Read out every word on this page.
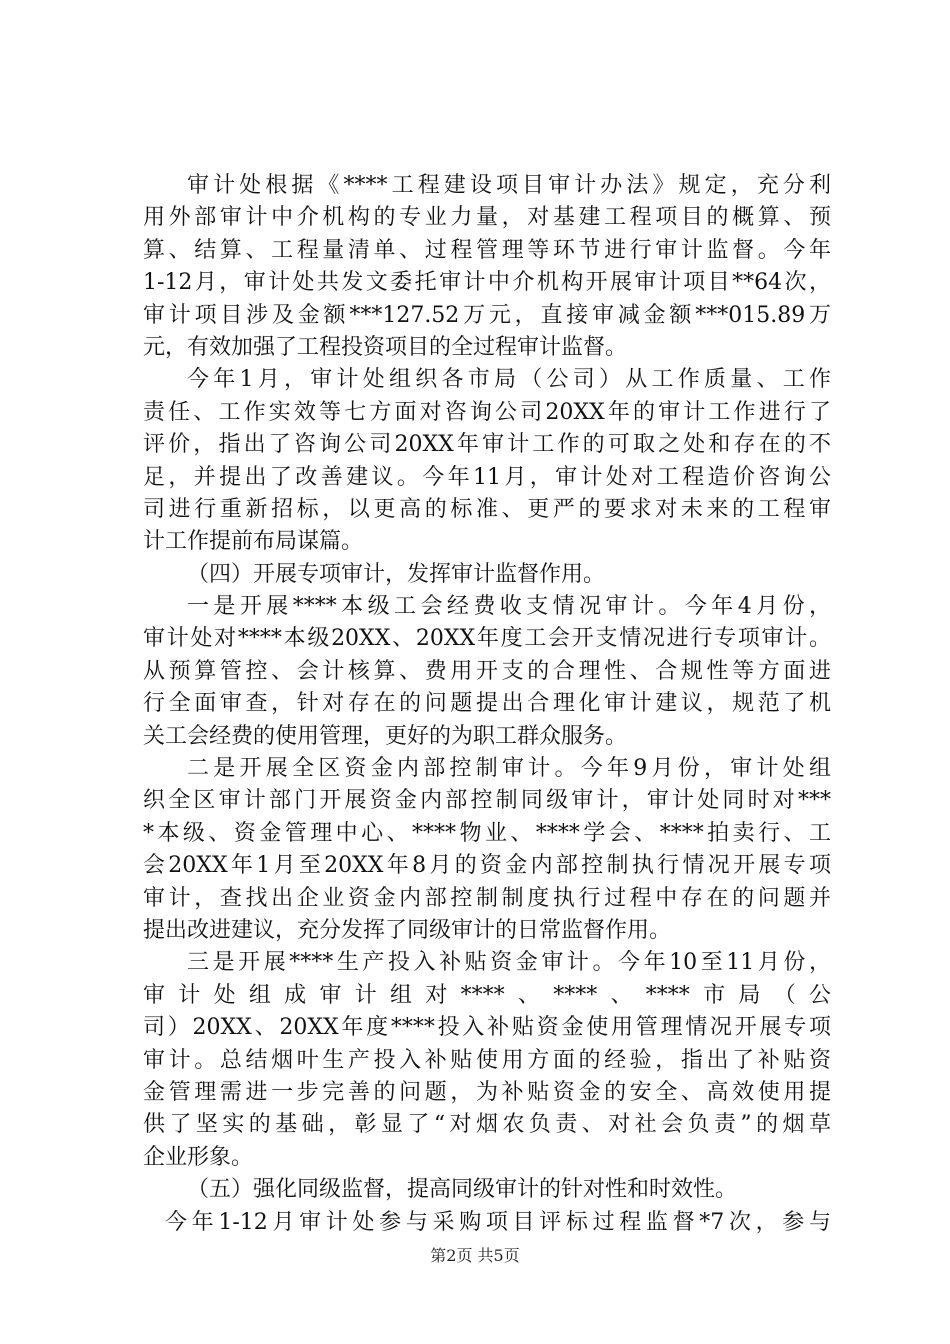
审计处根据《****工程建设项目审计办法》规定，充分利
用外部审计中介机构的专业力量，对基建工程项目的概算、预
算、结算、工程量清单、过程管理等环节进行审计监督。今年
1-12月，审计处共发文委托审计中介机构开展审计项目**64次，
审计项目涉及金额***127.52万元，直接审减金额***015.89万
元，有效加强了工程投资项目的全过程审计监督。
今年1月，审计处组织各市局（公司）从工作质量、工作
责任、工作实效等七方面对咨询公司20XX年的审计工作进行了
评价，指出了咨询公司20XX年审计工作的可取之处和存在的不
足，并提出了改善建议。今年11月，审计处对工程造价咨询公
司进行重新招标，以更高的标准、更严的要求对未来的工程审
计工作提前布局谋篇。
（四）开展专项审计，发挥审计监督作用。
一是开展****本级工会经费收支情况审计。今年4月份，
审计处对****本级20XX、20XX年度工会开支情况进行专项审计。
从预算管控、会计核算、费用开支的合理性、合规性等方面进
行全面审查，针对存在的问题提出合理化审计建议，规范了机
关工会经费的使用管理，更好的为职工群众服务。
二是开展全区资金内部控制审计。今年9月份，审计处组
织全区审计部门开展资金内部控制同级审计，审计处同时对***
*本级、资金管理中心、****物业、****学会、****拍卖行、工
会20XX年1月至20XX年8月的资金内部控制执行情况开展专项
审计，查找出企业资金内部控制制度执行过程中存在的问题并
提出改进建议，充分发挥了同级审计的日常监督作用。
三是开展****生产投入补贴资金审计。今年10至11月份，
审计处组成审计组对****、****、****市局（公
司）20XX、20XX年度****投入补贴资金使用管理情况开展专项
审计。总结烟叶生产投入补贴使用方面的经验，指出了补贴资
金管理需进一步完善的问题，为补贴资金的安全、高效使用提
供了坚实的基础，彰显了“对烟农负责、对社会负责”的烟草
企业形象。
（五）强化同级监督，提高同级审计的针对性和时效性。
今年1-12月审计处参与采购项目评标过程监督*7次，参与
第2页 共5页
